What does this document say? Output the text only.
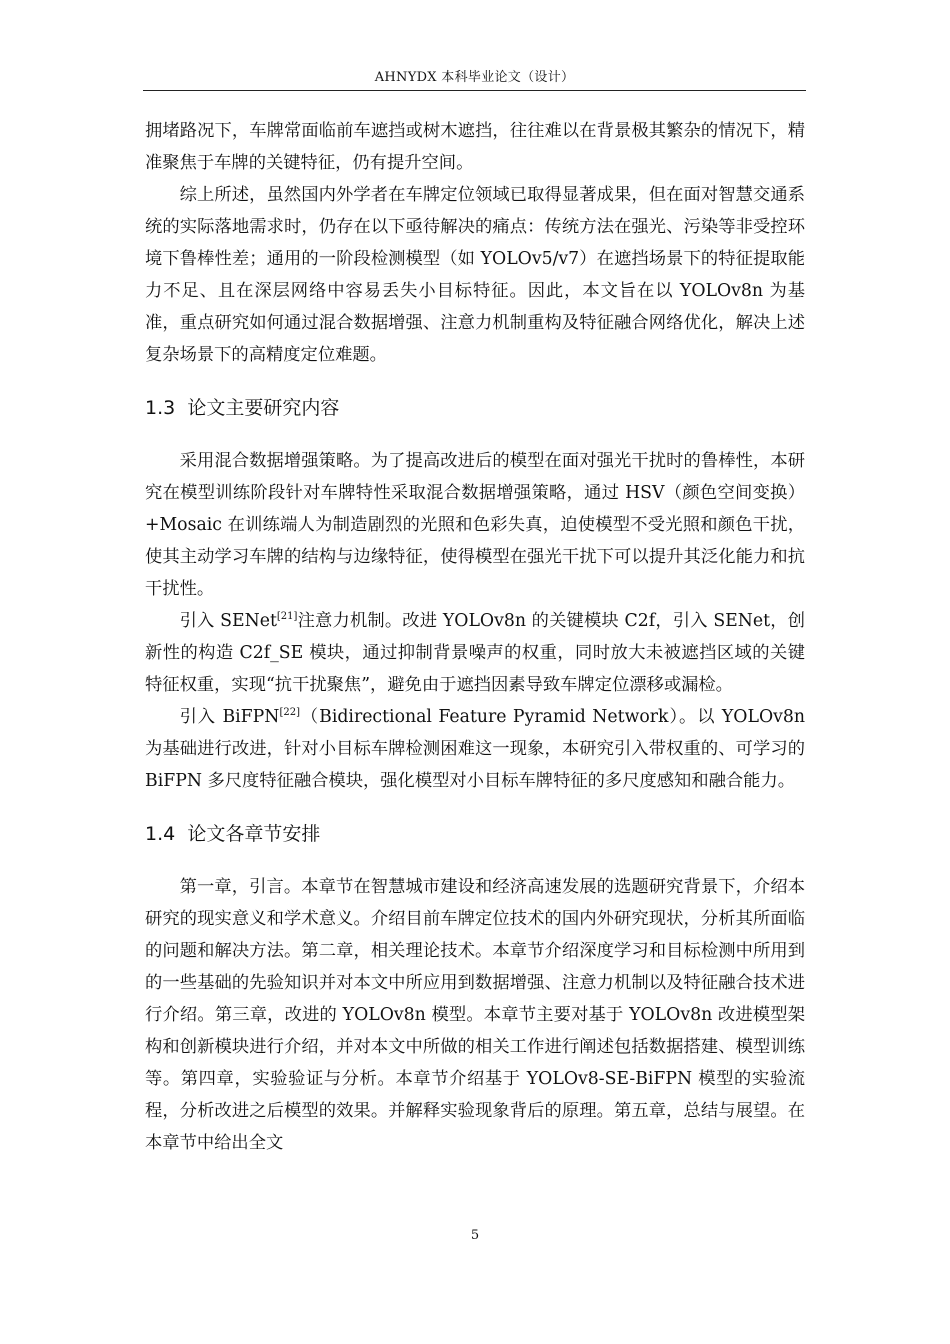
AHNYDX 本科毕业论文（设计）

拥堵路况下，车牌常面临前车遮挡或树木遮挡，往往难以在背景极其繁杂的情况下，精准聚焦于车牌的关键特征，仍有提升空间。

综上所述，虽然国内外学者在车牌定位领域已取得显著成果，但在面对智慧交通系统的实际落地需求时，仍存在以下亟待解决的痛点：传统方法在强光、污染等非受控环境下鲁棒性差；通用的一阶段检测模型（如 YOLOv5/v7）在遮挡场景下的特征提取能力不足、且在深层网络中容易丢失小目标特征。因此，本文旨在以 YOLOv8n 为基准，重点研究如何通过混合数据增强、注意力机制重构及特征融合网络优化，解决上述复杂场景下的高精度定位难题。

1.3 论文主要研究内容

采用混合数据增强策略。为了提高改进后的模型在面对强光干扰时的鲁棒性，本研究在模型训练阶段针对车牌特性采取混合数据增强策略，通过 HSV（颜色空间变换）+Mosaic 在训练端人为制造剧烈的光照和色彩失真，迫使模型不受光照和颜色干扰，使其主动学习车牌的结构与边缘特征，使得模型在强光干扰下可以提升其泛化能力和抗干扰性。

引入 SENet[21]注意力机制。改进 YOLOv8n 的关键模块 C2f，引入 SENet，创新性的构造 C2f_SE 模块，通过抑制背景噪声的权重，同时放大未被遮挡区域的关键特征权重，实现“抗干扰聚焦”，避免由于遮挡因素导致车牌定位漂移或漏检。

引入 BiFPN[22]（Bidirectional Feature Pyramid Network）。以 YOLOv8n 为基础进行改进，针对小目标车牌检测困难这一现象，本研究引入带权重的、可学习的 BiFPN 多尺度特征融合模块，强化模型对小目标车牌特征的多尺度感知和融合能力。

1.4 论文各章节安排

第一章，引言。本章节在智慧城市建设和经济高速发展的选题研究背景下，介绍本研究的现实意义和学术意义。介绍目前车牌定位技术的国内外研究现状，分析其所面临的问题和解决方法。第二章，相关理论技术。本章节介绍深度学习和目标检测中所用到的一些基础的先验知识并对本文中所应用到数据增强、注意力机制以及特征融合技术进行介绍。第三章，改进的 YOLOv8n 模型。本章节主要对基于 YOLOv8n 改进模型架构和创新模块进行介绍，并对本文中所做的相关工作进行阐述包括数据搭建、模型训练等。第四章，实验验证与分析。本章节介绍基于 YOLOv8-SE-BiFPN 模型的实验流程，分析改进之后模型的效果。并解释实验现象背后的原理。第五章，总结与展望。在本章节中给出全文

5
